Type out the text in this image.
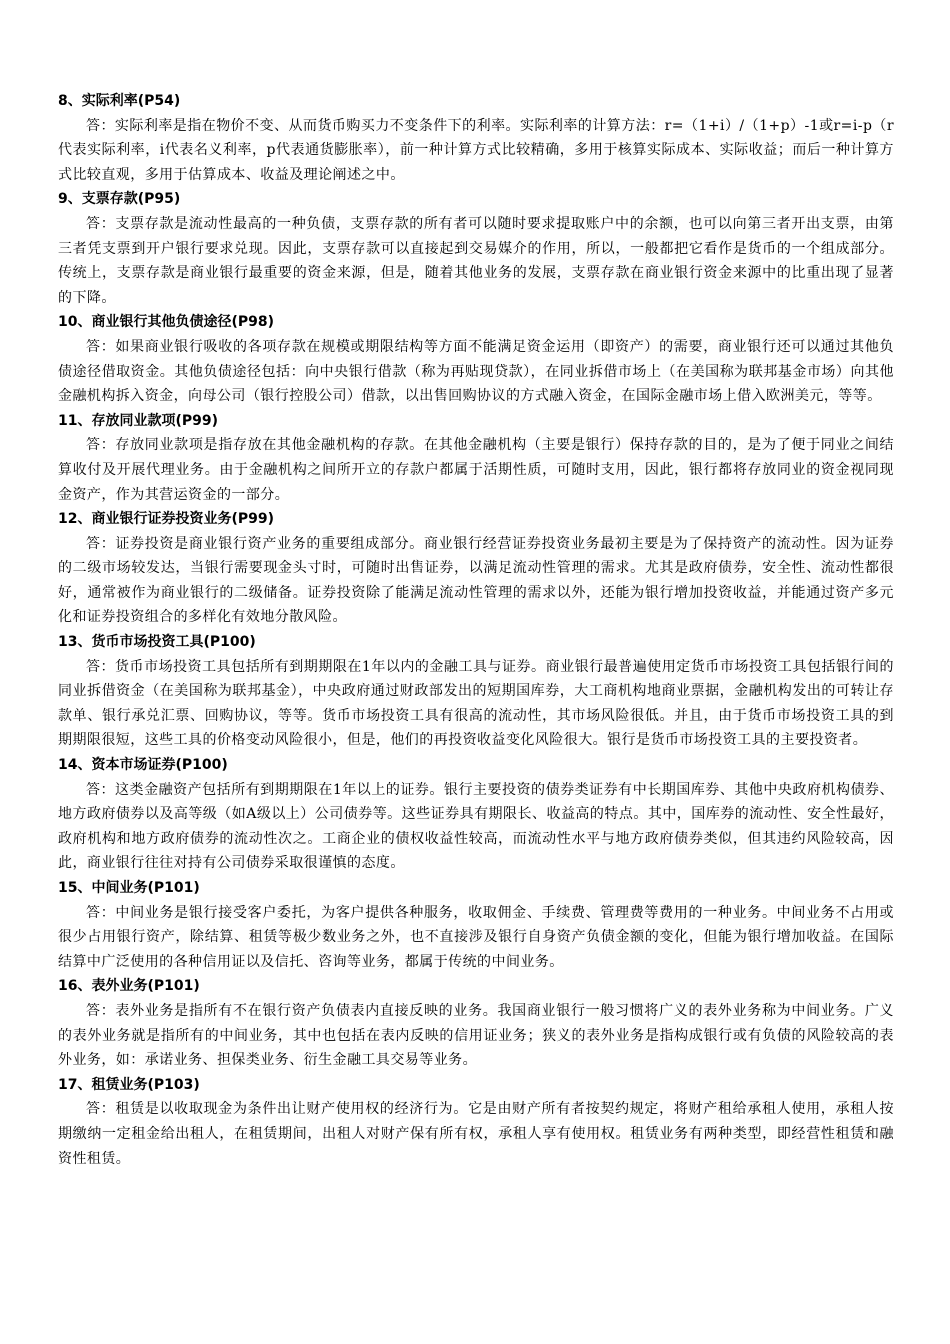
8、实际利率(P54)

答：实际利率是指在物价不变、从而货币购买力不变条件下的利率。实际利率的计算方法：r=（1+i）/（1+p）-1或r=i-p（r代表实际利率，i代表名义利率，p代表通货膨胀率），前一种计算方式比较精确，多用于核算实际成本、实际收益；而后一种计算方式比较直观，多用于估算成本、收益及理论阐述之中。

9、支票存款(P95)

答：支票存款是流动性最高的一种负债，支票存款的所有者可以随时要求提取账户中的余额，也可以向第三者开出支票，由第三者凭支票到开户银行要求兑现。因此，支票存款可以直接起到交易媒介的作用，所以，一般都把它看作是货币的一个组成部分。传统上，支票存款是商业银行最重要的资金来源，但是，随着其他业务的发展，支票存款在商业银行资金来源中的比重出现了显著的下降。

10、商业银行其他负债途径(P98)

答：如果商业银行吸收的各项存款在规模或期限结构等方面不能满足资金运用（即资产）的需要，商业银行还可以通过其他负债途径借取资金。其他负债途径包括：向中央银行借款（称为再贴现贷款），在同业拆借市场上（在美国称为联邦基金市场）向其他金融机构拆入资金，向母公司（银行控股公司）借款，以出售回购协议的方式融入资金，在国际金融市场上借入欧洲美元，等等。

11、存放同业款项(P99)

答：存放同业款项是指存放在其他金融机构的存款。在其他金融机构（主要是银行）保持存款的目的，是为了便于同业之间结算收付及开展代理业务。由于金融机构之间所开立的存款户都属于活期性质，可随时支用，因此，银行都将存放同业的资金视同现金资产，作为其营运资金的一部分。

12、商业银行证券投资业务(P99)

答：证券投资是商业银行资产业务的重要组成部分。商业银行经营证券投资业务最初主要是为了保持资产的流动性。因为证券的二级市场较发达，当银行需要现金头寸时，可随时出售证券，以满足流动性管理的需求。尤其是政府债券，安全性、流动性都很好，通常被作为商业银行的二级储备。证券投资除了能满足流动性管理的需求以外，还能为银行增加投资收益，并能通过资产多元化和证券投资组合的多样化有效地分散风险。

13、货币市场投资工具(P100)

答：货币市场投资工具包括所有到期期限在1年以内的金融工具与证券。商业银行最普遍使用定货币市场投资工具包括银行间的同业拆借资金（在美国称为联邦基金），中央政府通过财政部发出的短期国库券，大工商机构地商业票据，金融机构发出的可转让存款单、银行承兑汇票、回购协议，等等。货币市场投资工具有很高的流动性，其市场风险很低。并且，由于货币市场投资工具的到期期限很短，这些工具的价格变动风险很小，但是，他们的再投资收益变化风险很大。银行是货币市场投资工具的主要投资者。

14、资本市场证券(P100)

答：这类金融资产包括所有到期期限在1年以上的证券。银行主要投资的债券类证券有中长期国库券、其他中央政府机构债券、地方政府债券以及高等级（如A级以上）公司债券等。这些证券具有期限长、收益高的特点。其中，国库券的流动性、安全性最好，政府机构和地方政府债券的流动性次之。工商企业的债权收益性较高，而流动性水平与地方政府债券类似，但其违约风险较高，因此，商业银行往往对持有公司债券采取很谨慎的态度。

15、中间业务(P101)

答：中间业务是银行接受客户委托，为客户提供各种服务，收取佣金、手续费、管理费等费用的一种业务。中间业务不占用或很少占用银行资产，除结算、租赁等极少数业务之外，也不直接涉及银行自身资产负债金额的变化，但能为银行增加收益。在国际结算中广泛使用的各种信用证以及信托、咨询等业务，都属于传统的中间业务。

16、表外业务(P101)

答：表外业务是指所有不在银行资产负债表内直接反映的业务。我国商业银行一般习惯将广义的表外业务称为中间业务。广义的表外业务就是指所有的中间业务，其中也包括在表内反映的信用证业务；狭义的表外业务是指构成银行或有负债的风险较高的表外业务，如：承诺业务、担保类业务、衍生金融工具交易等业务。

17、租赁业务(P103)

答：租赁是以收取现金为条件出让财产使用权的经济行为。它是由财产所有者按契约规定，将财产租给承租人使用，承租人按期缴纳一定租金给出租人，在租赁期间，出租人对财产保有所有权，承租人享有使用权。租赁业务有两种类型，即经营性租赁和融资性租赁。
